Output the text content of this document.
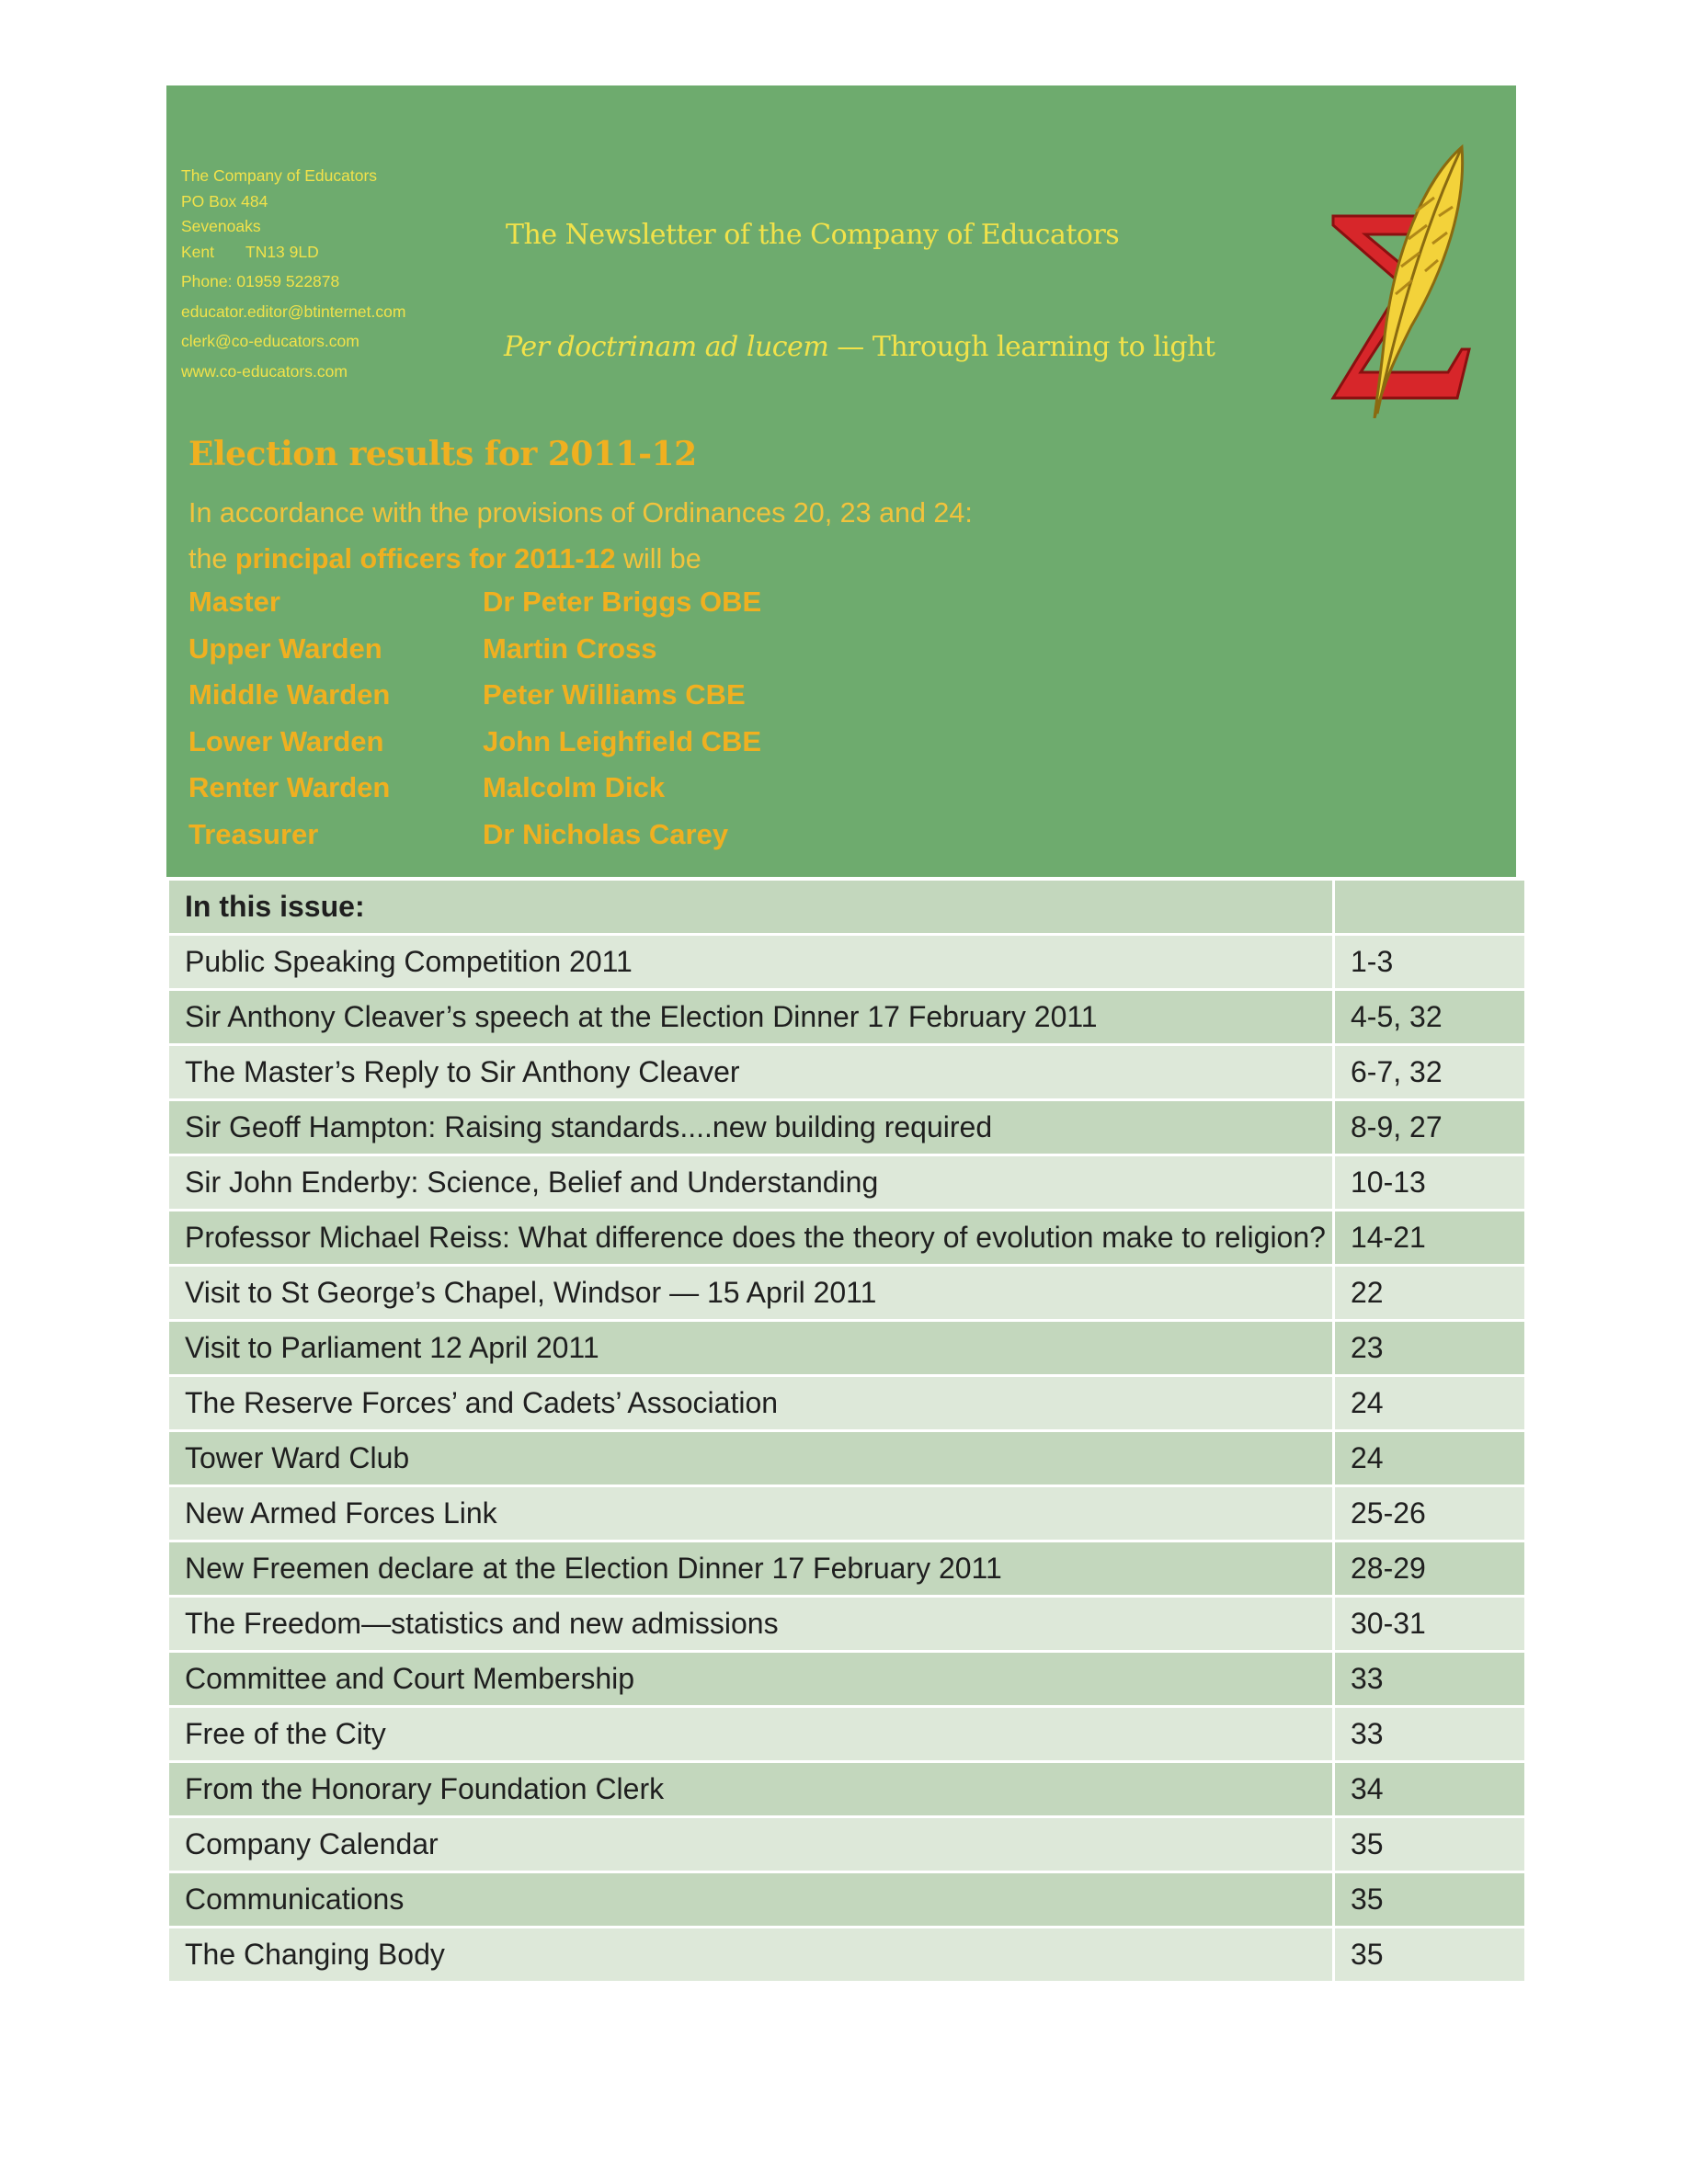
The Company of Educators
PO Box 484
Sevenoaks
Kent TN13 9LD
Phone: 01959 522878
educator.editor@btinternet.com
clerk@co-educators.com
www.co-educators.com
The Newsletter of the Company of Educators
Per doctrinam ad lucem — Through learning to light
Election results for 2011-12
In accordance with the provisions of Ordinances 20, 23 and 24:
the principal officers for 2011-12 will be
Master	Dr Peter Briggs OBE
Upper Warden	Martin Cross
Middle Warden	Peter Williams CBE
Lower Warden	John Leighfield CBE
Renter Warden	Malcolm Dick
Treasurer	Dr Nicholas Carey
In this issue:	
Public Speaking Competition 2011	1-3
Sir Anthony Cleaver’s speech at the Election Dinner 17 February 2011	4-5, 32
The Master’s Reply to Sir Anthony Cleaver	6-7, 32
Sir Geoff Hampton: Raising standards....new building required	8-9, 27
Sir John Enderby: Science, Belief and Understanding	10-13
Professor Michael Reiss: What difference does the theory of evolution make to religion?	14-21
Visit to St George’s Chapel, Windsor — 15 April 2011	22
Visit to Parliament 12 April 2011	23
The Reserve Forces’ and Cadets’ Association	24
Tower Ward Club	24
New Armed Forces Link	25-26
New Freemen declare at the Election Dinner 17 February 2011	28-29
The Freedom—statistics and new admissions	30-31
Committee and Court Membership	33
Free of the City	33
From the Honorary Foundation Clerk	34
Company Calendar	35
Communications	35
The Changing Body	35
